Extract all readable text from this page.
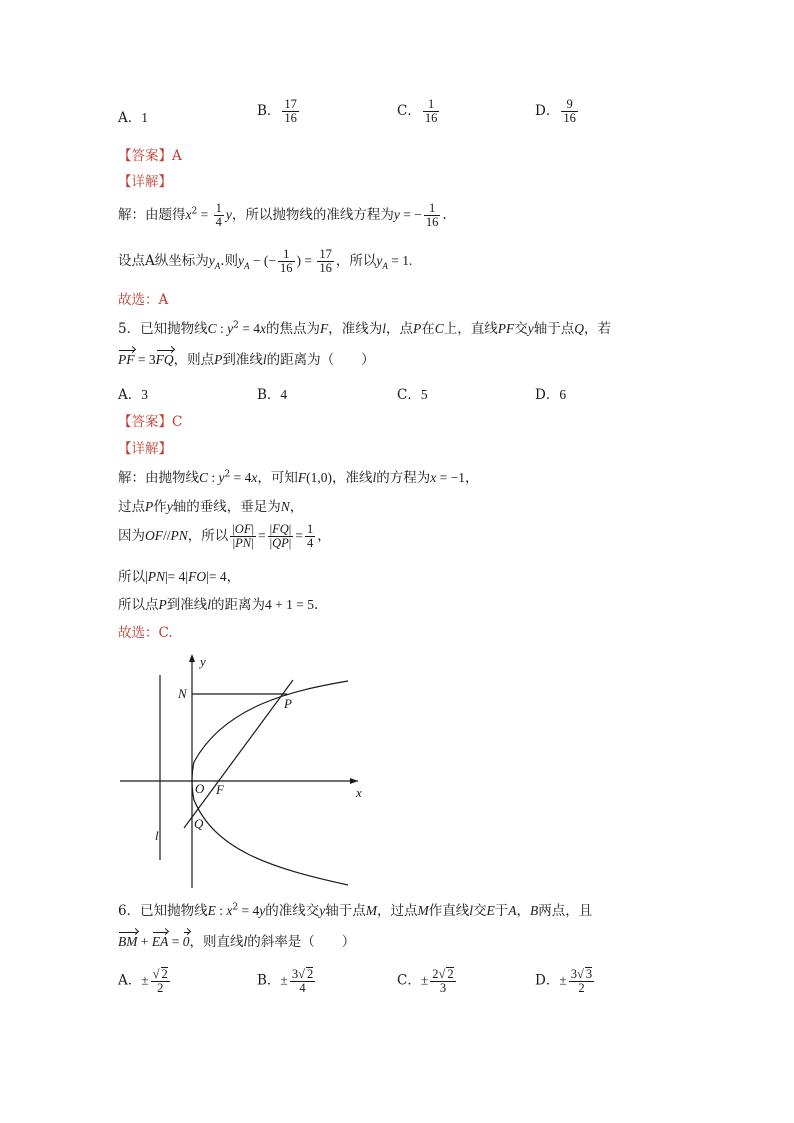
A．1	B． $\frac{17}{16}$	C． $\frac{1}{16}$	D． $\frac{9}{16}$
【答案】A
【详解】
解：由题得$x^2 = \frac{1}{4}$ y，所以抛物线的准线方程为y = − $\frac{1}{16}$ .
设点A纵坐标为$y_A$.则$y_A$ − (− $\frac{1}{16}$ ) = $\frac{17}{16}$ ，所以$y_A = 1$.
故选：A
5．已知抛物线C : $y^2 = 4x$的焦点为F，准线为l，点P在C上，直线PF交y轴于点Q，若
PF = 3FQ，则点P到准线l的距离为（　　）
A．3	B．4	C．5	D．6
【答案】C
【详解】
解：由抛物线C : $y^2 = 4x$，可知F(1,0)，准线l的方程为x = −1，
过点P作y轴的垂线，垂足为N，
因为OF//PN，所以 $\frac{|OF|}{|PN|} = \frac{|FQ|}{|QP|} = \frac{1}{4}$ ，
所以|PN|= 4|FO|= 4，
所以点P到准线l的距离为4 + 1 = 5.
故选：C.
y
x
N
P
O F
Q
l
6．已知抛物线E : $x^2 = 4y$的准线交y轴于点M，过点M作直线l交E于A，B两点，且
BM + EA = 0，则直线l的斜率是（　　）
A．± $\frac{√ 2}{2}$	B．± $\frac{3√ 2}{4}$	C．± $\frac{2√ 2}{3}$	D．± $\frac{3√ 3}{2}$
